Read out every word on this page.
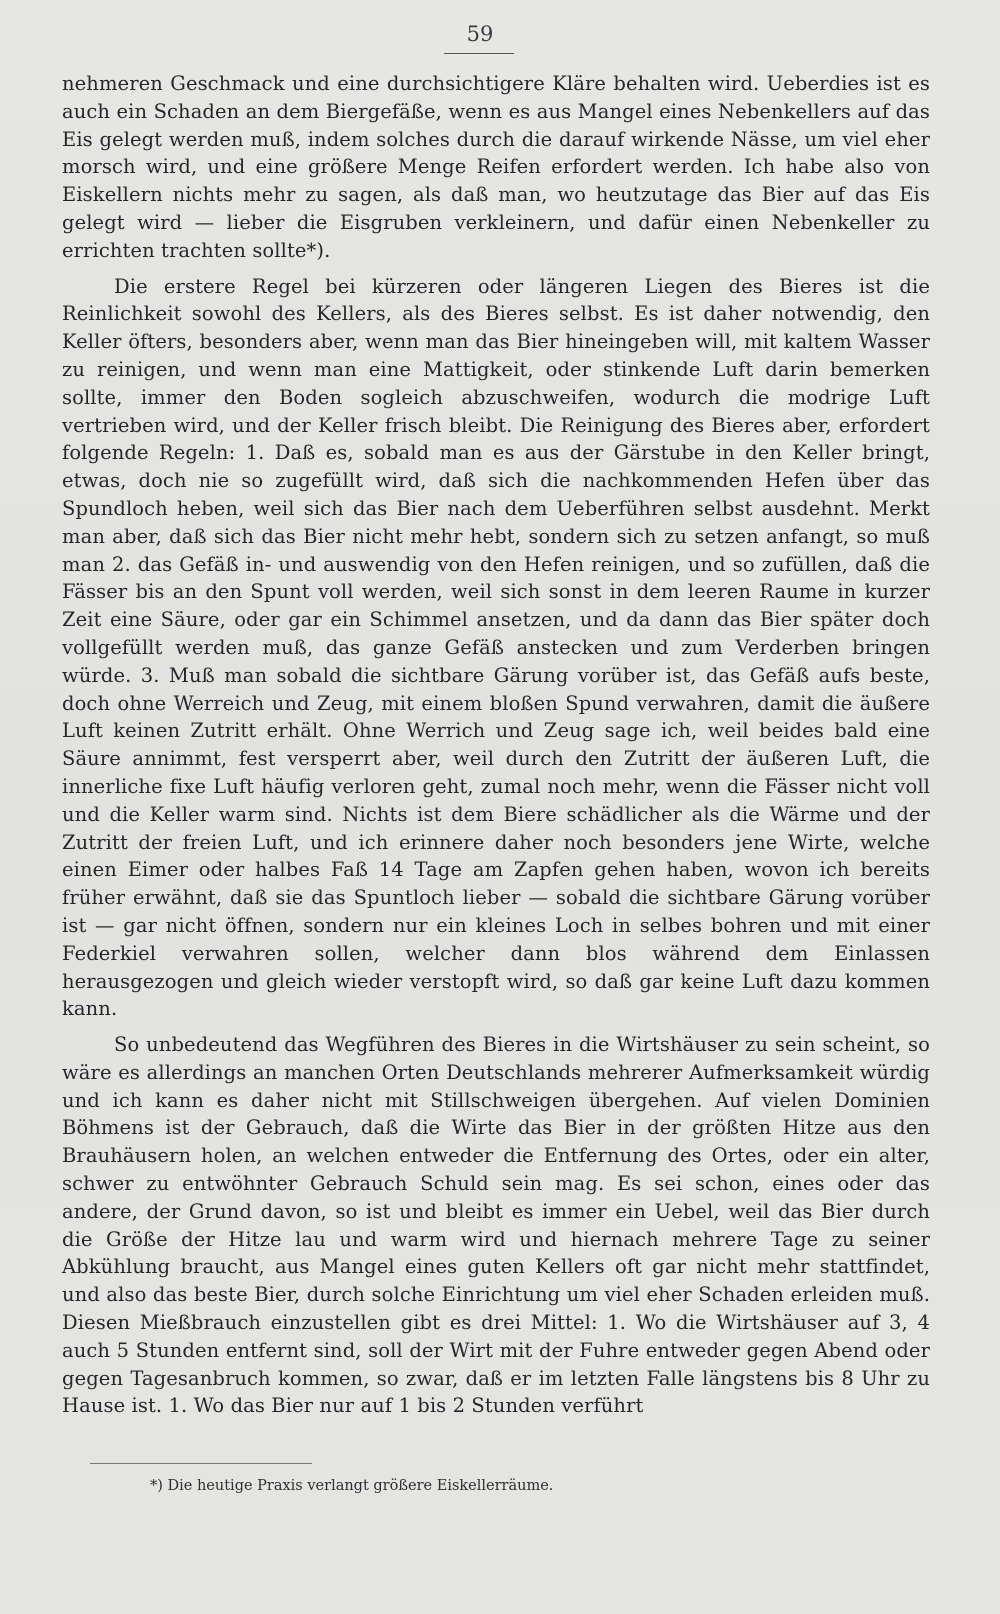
59

nehmeren Geschmack und eine durchsichtigere Kläre behalten wird. Ueberdies ist es auch ein Schaden an dem Biergefäße, wenn es aus Mangel eines Nebenkellers auf das Eis gelegt werden muß, indem solches durch die darauf wirkende Nässe, um viel eher morsch wird, und eine größere Menge Reifen erfordert werden. Ich habe also von Eiskellern nichts mehr zu sagen, als daß man, wo heutzutage das Bier auf das Eis gelegt wird — lieber die Eisgruben verkleinern, und dafür einen Nebenkeller zu errichten trachten sollte*).

Die erstere Regel bei kürzeren oder längeren Liegen des Bieres ist die Reinlichkeit sowohl des Kellers, als des Bieres selbst. Es ist daher notwendig, den Keller öfters, besonders aber, wenn man das Bier hineingeben will, mit kaltem Wasser zu reinigen, und wenn man eine Mattigkeit, oder stinkende Luft darin bemerken sollte, immer den Boden sogleich abzuschweifen, wodurch die modrige Luft vertrieben wird, und der Keller frisch bleibt. Die Reinigung des Bieres aber, erfordert folgende Regeln: 1. Daß es, sobald man es aus der Gärstube in den Keller bringt, etwas, doch nie so zugefüllt wird, daß sich die nachkommenden Hefen über das Spundloch heben, weil sich das Bier nach dem Ueberführen selbst ausdehnt. Merkt man aber, daß sich das Bier nicht mehr hebt, sondern sich zu setzen anfangt, so muß man 2. das Gefäß in- und auswendig von den Hefen reinigen, und so zufüllen, daß die Fässer bis an den Spunt voll werden, weil sich sonst in dem leeren Raume in kurzer Zeit eine Säure, oder gar ein Schimmel ansetzen, und da dann das Bier später doch vollgefüllt werden muß, das ganze Gefäß anstecken und zum Verderben bringen würde. 3. Muß man sobald die sichtbare Gärung vorüber ist, das Gefäß aufs beste, doch ohne Werreich und Zeug, mit einem bloßen Spund verwahren, damit die äußere Luft keinen Zutritt erhält. Ohne Werrich und Zeug sage ich, weil beides bald eine Säure annimmt, fest versperrt aber, weil durch den Zutritt der äußeren Luft, die innerliche fixe Luft häufig verloren geht, zumal noch mehr, wenn die Fässer nicht voll und die Keller warm sind. Nichts ist dem Biere schädlicher als die Wärme und der Zutritt der freien Luft, und ich erinnere daher noch besonders jene Wirte, welche einen Eimer oder halbes Faß 14 Tage am Zapfen gehen haben, wovon ich bereits früher erwähnt, daß sie das Spuntloch lieber — sobald die sichtbare Gärung vorüber ist — gar nicht öffnen, sondern nur ein kleines Loch in selbes bohren und mit einer Federkiel verwahren sollen, welcher dann blos während dem Einlassen herausgezogen und gleich wieder verstopft wird, so daß gar keine Luft dazu kommen kann.

So unbedeutend das Wegführen des Bieres in die Wirtshäuser zu sein scheint, so wäre es allerdings an manchen Orten Deutschlands mehrerer Aufmerksamkeit würdig und ich kann es daher nicht mit Stillschweigen übergehen. Auf vielen Dominien Böhmens ist der Gebrauch, daß die Wirte das Bier in der größten Hitze aus den Brauhäusern holen, an welchen entweder die Entfernung des Ortes, oder ein alter, schwer zu entwöhnter Gebrauch Schuld sein mag. Es sei schon, eines oder das andere, der Grund davon, so ist und bleibt es immer ein Uebel, weil das Bier durch die Größe der Hitze lau und warm wird und hiernach mehrere Tage zu seiner Abkühlung braucht, aus Mangel eines guten Kellers oft gar nicht mehr stattfindet, und also das beste Bier, durch solche Einrichtung um viel eher Schaden erleiden muß. Diesen Mießbrauch einzustellen gibt es drei Mittel: 1. Wo die Wirtshäuser auf 3, 4 auch 5 Stunden entfernt sind, soll der Wirt mit der Fuhre entweder gegen Abend oder gegen Tagesanbruch kommen, so zwar, daß er im letzten Falle längstens bis 8 Uhr zu Hause ist. 1. Wo das Bier nur auf 1 bis 2 Stunden verführt

*) Die heutige Praxis verlangt größere Eiskellerräume.
